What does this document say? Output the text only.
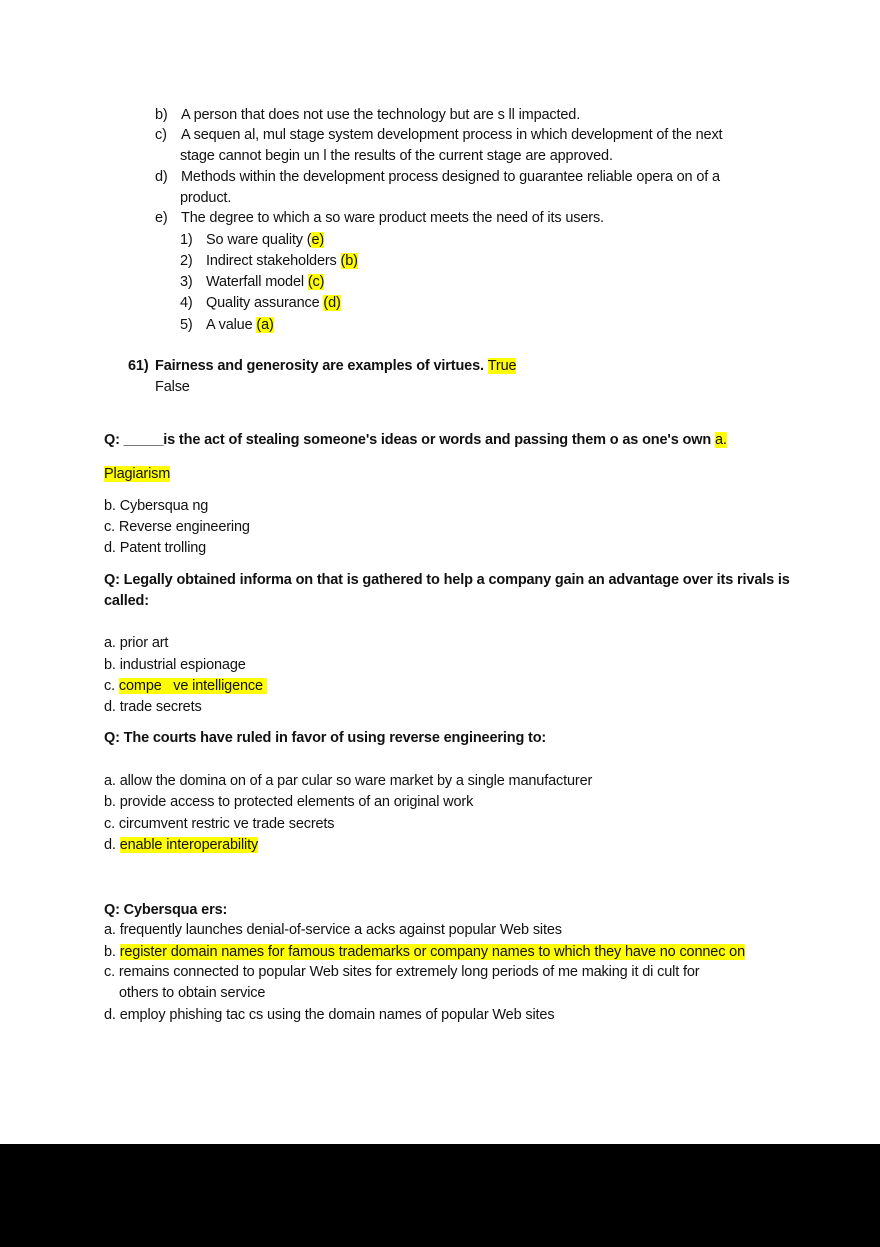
b) A person that does not use the technology but are s ll impacted.
c) A sequen al, mul stage system development process in which development of the next
stage cannot begin un l the results of the current stage are approved.
d) Methods within the development process designed to guarantee reliable opera on of a
product.
e) The degree to which a so ware product meets the need of its users.
1) So ware quality (e)
2) Indirect stakeholders (b)
3) Waterfall model (c)
4) Quality assurance (d)
5) A value (a)
61) Fairness and generosity are examples of virtues. True
False
Q: _____is the act of stealing someone's ideas or words and passing them o as one's own a.
Plagiarism
b. Cybersqua ng
c. Reverse engineering
d. Patent trolling
Q: Legally obtained informa on that is gathered to help a company gain an advantage over its rivals is
called:
a. prior art
b. industrial espionage
c. compe   ve intelligence
d. trade secrets
Q: The courts have ruled in favor of using reverse engineering to:
a. allow the domina on of a par cular so ware market by a single manufacturer
b. provide access to protected elements of an original work
c. circumvent restric ve trade secrets
d. enable interoperability
Q: Cybersqua ers:
a. frequently launches denial-of-service a acks against popular Web sites
b. register domain names for famous trademarks or company names to which they have no connec on
c. remains connected to popular Web sites for extremely long periods of me making it di cult for
others to obtain service
d. employ phishing tac cs using the domain names of popular Web sites
